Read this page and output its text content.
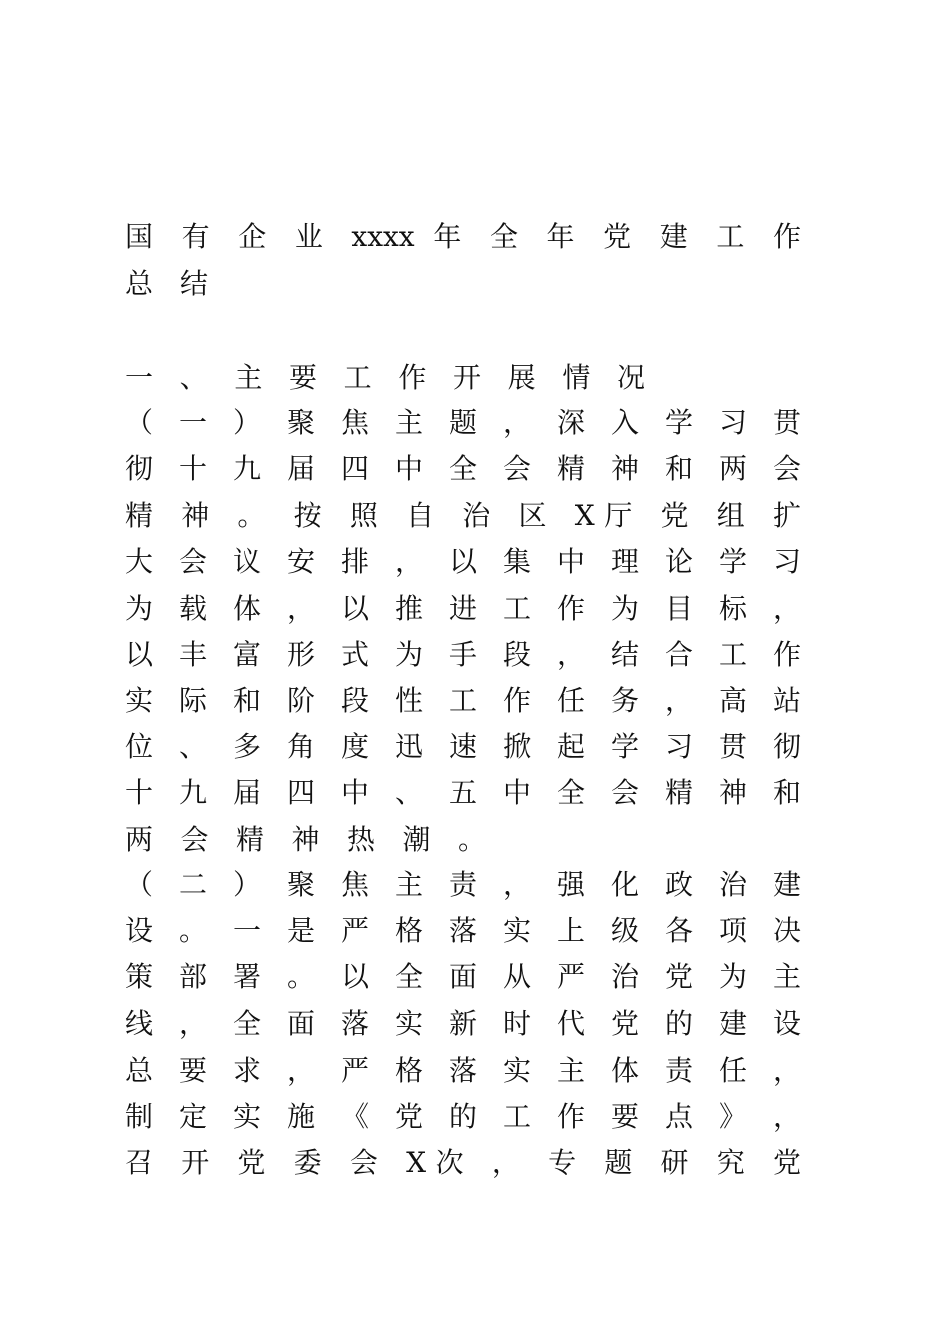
国 有 企 业 xxxx 年 全 年 党 建 工 作
总结
一 、 主 要 工 作 开 展 情 况
（ 一 ） 聚 焦 主 题 ， 深 入 学 习 贯
彻 十 九 届 四 中 全 会 精 神 和 两 会
精 神 。 按 照 自 治 区 X厅 党 组 扩
大 会 议 安 排 ， 以 集 中 理 论 学 习
为 载 体 ， 以 推 进 工 作 为 目 标 ，
以 丰 富 形 式 为 手 段 ， 结 合 工 作
实 际 和 阶 段 性 工 作 任 务 ， 高 站
位 、 多 角 度 迅 速 掀 起 学 习 贯 彻
十 九 届 四 中 、 五 中 全 会 精 神 和
两会精神热潮。
（ 二 ） 聚 焦 主 责 ， 强 化 政 治 建
设 。 一 是 严 格 落 实 上 级 各 项 决
策 部 署 。 以 全 面 从 严 治 党 为 主
线 ， 全 面 落 实 新 时 代 党 的 建 设
总 要 求 ， 严 格 落 实 主 体 责 任 ，
制 定 实 施 《 党 的 工 作 要 点 》 ，
召 开 党 委 会 X次 ， 专 题 研 究 党
